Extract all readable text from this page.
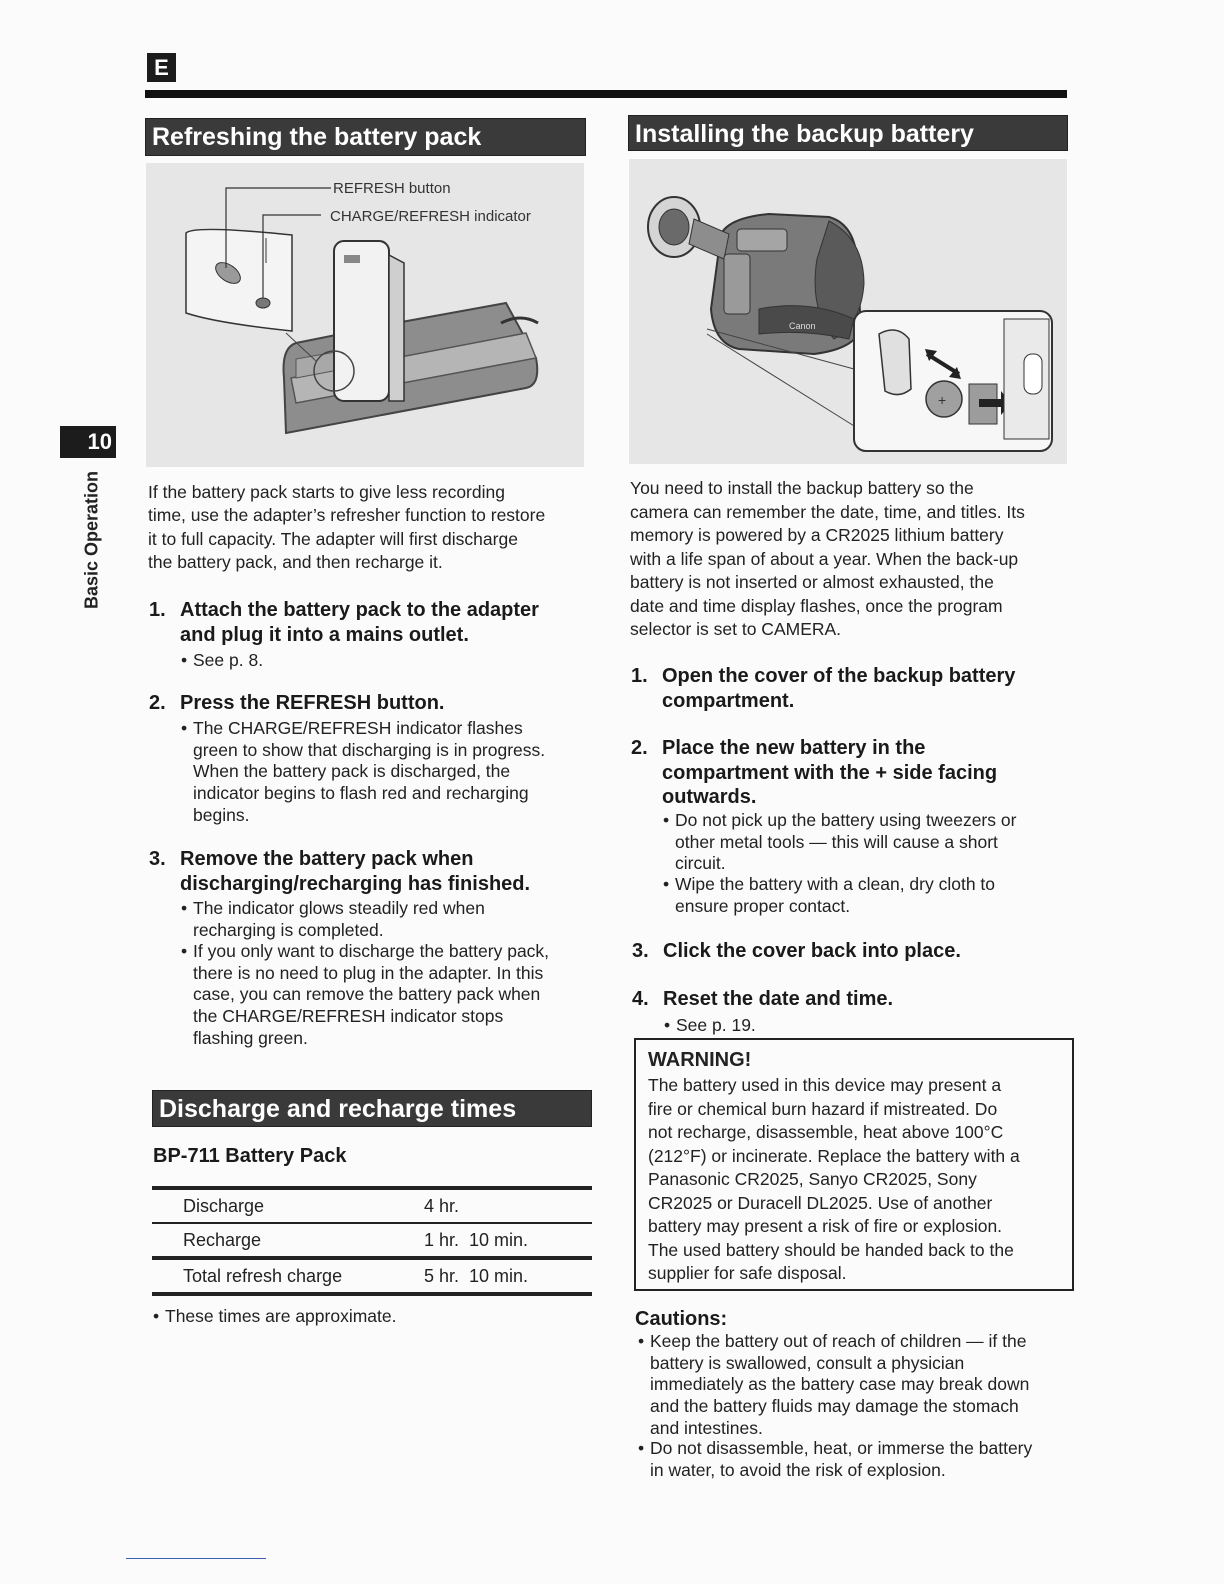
E
10
Basic Operation
Refreshing the battery pack
REFRESH button
CHARGE/REFRESH indicator
If the battery pack starts to give less recording
time, use the adapter’s refresher function to restore
it to full capacity. The adapter will first discharge
the battery pack, and then recharge it.
1. Attach the battery pack to the adapter
and plug it into a mains outlet.
• See p. 8.
2. Press the REFRESH button.
• The CHARGE/REFRESH indicator flashes
green to show that discharging is in progress.
When the battery pack is discharged, the
indicator begins to flash red and recharging
begins.
3. Remove the battery pack when
discharging/recharging has finished.
• The indicator glows steadily red when
recharging is completed.
• If you only want to discharge the battery pack,
there is no need to plug in the adapter. In this
case, you can remove the battery pack when
the CHARGE/REFRESH indicator stops
flashing green.
Discharge and recharge times
BP-711 Battery Pack
Discharge	4 hr.
Recharge	1 hr.  10 min.
Total refresh charge	5 hr.  10 min.
• These times are approximate.
Installing the backup battery
Canon
+
You need to install the backup battery so the
camera can remember the date, time, and titles. Its
memory is powered by a CR2025 lithium battery
with a life span of about a year. When the back-up
battery is not inserted or almost exhausted, the
date and time display flashes, once the program
selector is set to CAMERA.
1. Open the cover of the backup battery
compartment.
2. Place the new battery in the
compartment with the + side facing
outwards.
• Do not pick up the battery using tweezers or
other metal tools — this will cause a short
circuit.
• Wipe the battery with a clean, dry cloth to
ensure proper contact.
3. Click the cover back into place.
4. Reset the date and time.
• See p. 19.
WARNING!
The battery used in this device may present a
fire or chemical burn hazard if mistreated. Do
not recharge, disassemble, heat above 100°C
(212°F) or incinerate. Replace the battery with a
Panasonic CR2025, Sanyo CR2025, Sony
CR2025 or Duracell DL2025. Use of another
battery may present a risk of fire or explosion.
The used battery should be handed back to the
supplier for safe disposal.
Cautions:
• Keep the battery out of reach of children — if the
battery is swallowed, consult a physician
immediately as the battery case may break down
and the battery fluids may damage the stomach
and intestines.
• Do not disassemble, heat, or immerse the battery
in water, to avoid the risk of explosion.
